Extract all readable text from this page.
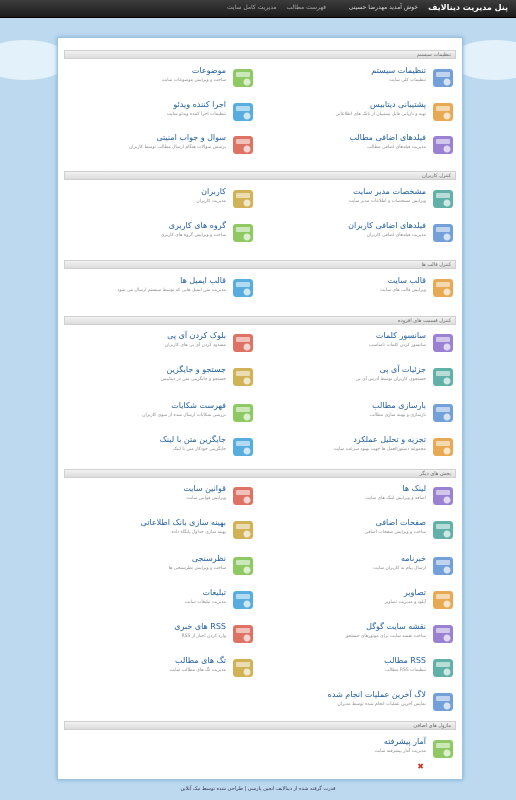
پنل مدیریت دینالایف
خوش آمدید مهدرضا حسینی
فهرست مطالب مدیریت کامل سایت
تنظیمات سیستم
کنترل کاربران
کنترل قالب ها
کنترل قسمت های افزوده
بخش های دیگر
ماژول های اضافی
تنظیمات سیستم
تنظیمات کلی سایت
موضوعات
ساخت و ویرایش موضوعات سایت
پشتیبانی دیتابیس
تهیه و بازیابی فایل پشتیبان از بانک های اطلاعاتی
اجرا کننده ویدئو
تنظیمات اجرا کننده ویدئو سایت
فیلدهای اضافی مطالب
مدیریت فیلدهای اضافی مطالب
سوال و جواب امنیتی
پرسش سوالات هنگام ارسال مطالب توسط کاربران
مشخصات مدیر سایت
ویرایش مشخصات و اطلاعات مدیر سایت
کاربران
مدیریت کاربران
فیلدهای اضافی کاربران
مدیریت فیلدهای اضافی کاربران
گروه های کاربری
ساخت و ویرایش گروه های کاربری
قالب سایت
ویرایش قالب های سایت
قالب ایمیل ها
مدیریت متن ایمیل هایی که توسط سیستم ارسال می شود
سانسور کلمات
سانسور کردن کلمات نامناسب
بلوک کردن آی پی
مسدود کردن آی پی های کاربران
جزئیات آی پی
جستجوی کاربران توسط آدرس آی پی
جستجو و جایگزین
جستجو و جایگزینی متن در دیتابیس
بارسازی مطالب
بازسازی و بهینه سازی مطالب
فهرست شکایات
بررسی شکایات ارسال شده از سوی کاربران
تجزیه و تحلیل عملکرد
مجموعه دستورالعمل ها جهت بهبود سرعت سایت
جایگزین متن با لینک
جایگزینی خودکار متن با لینک
لینک ها
اضافه و ویرایش لینک های سایت
قوانین سایت
ویرایش قوانین سایت
صفحات اضافی
ساخت و ویرایش صفحات اضافی
بهینه سازی بانک اطلاعاتی
بهینه سازی جداول پایگاه داده
خبرنامه
ارسال پیام به کاربران سایت
نظرسنجی
ساخت و ویرایش نظرسنجی ها
تصاویر
آپلود و مدیریت تصاویر
تبلیغات
مدیریت تبلیغات سایت
نقشه سایت گوگل
ساخت نقشه سایت برای موتورهای جستجو
RSS های خبری
وارد کردن اخبار از RSS
RSS مطالب
تنظیمات RSS مطالب
تگ های مطالب
مدیریت تگ های مطالب سایت
لاگ آخرین عملیات انجام شده
نمایش آخرین عملیات انجام شده توسط مدیران
آمار پیشرفته
مدیریت آمار پیشرفته سایت
✖
قدرت گرفته شده از دینالایف انجین پارسی | طراحی شده توسط نیک آنلاین
